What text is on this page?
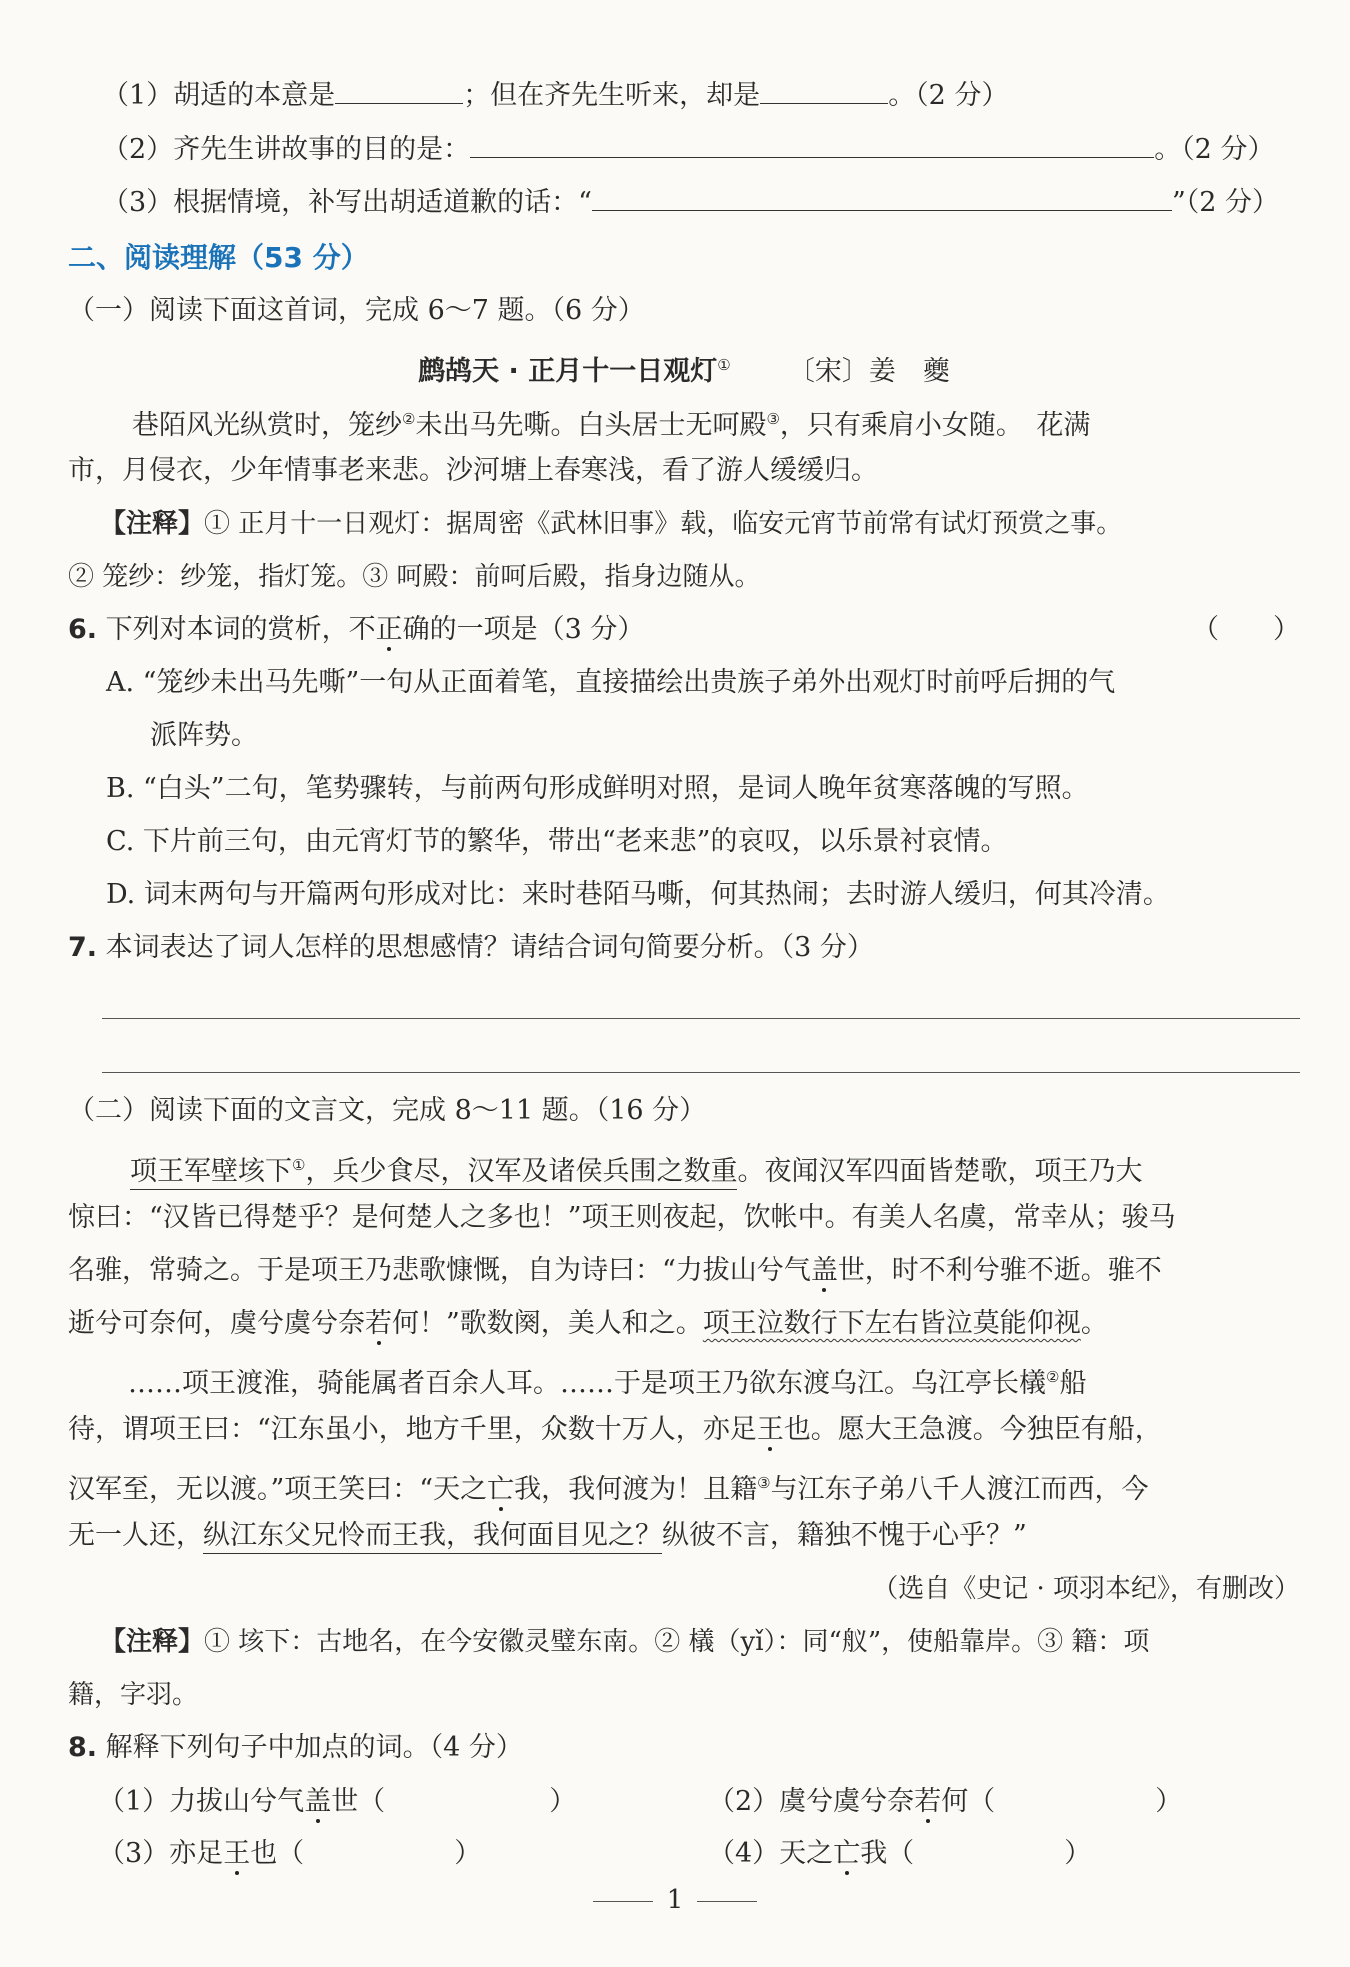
（1）胡适的本意是	；但在齐先生听来，却是	。（2 分）
（2）齐先生讲故事的目的是：	。（2 分）
（3）根据情境，补写出胡适道歉的话：“	”（2 分）
二、阅读理解（53 分）
（一）阅读下面这首词，完成 6～7 题。（6 分）
鹧鸪天 · 正月十一日观灯① 〔宋〕姜　夔
巷陌风光纵赏时，笼纱②未出马先嘶。白头居士无呵殿③，只有乘肩小女随。　花满
市，月侵衣，少年情事老来悲。沙河塘上春寒浅，看了游人缓缓归。
【注释】① 正月十一日观灯：据周密《武林旧事》载，临安元宵节前常有试灯预赏之事。
② 笼纱：纱笼，指灯笼。③ 呵殿：前呵后殿，指身边随从。
6. 下列对本词的赏析，不正确的一项是（3 分）	（　　）
A. “笼纱未出马先嘶”一句从正面着笔，直接描绘出贵族子弟外出观灯时前呼后拥的气
派阵势。
B. “白头”二句，笔势骤转，与前两句形成鲜明对照，是词人晚年贫寒落魄的写照。
C. 下片前三句，由元宵灯节的繁华，带出“老来悲”的哀叹，以乐景衬哀情。
D. 词末两句与开篇两句形成对比：来时巷陌马嘶，何其热闹；去时游人缓归，何其冷清。
7. 本词表达了词人怎样的思想感情？请结合词句简要分析。（3 分）
（二）阅读下面的文言文，完成 8～11 题。（16 分）
项王军壁垓下①，兵少食尽，汉军及诸侯兵围之数重。夜闻汉军四面皆楚歌，项王乃大
惊曰：“汉皆已得楚乎？是何楚人之多也！”项王则夜起，饮帐中。有美人名虞，常幸从；骏马
名骓，常骑之。于是项王乃悲歌慷慨，自为诗曰：“力拔山兮气盖世，时不利兮骓不逝。骓不
逝兮可奈何，虞兮虞兮奈若何！”歌数阕，美人和之。项王泣数行下左右皆泣莫能仰视。
……项王渡淮，骑能属者百余人耳。……于是项王乃欲东渡乌江。乌江亭长檥②船
待，谓项王曰：“江东虽小，地方千里，众数十万人，亦足王也。愿大王急渡。今独臣有船，
汉军至，无以渡。”项王笑曰：“天之亡我，我何渡为！且籍③与江东子弟八千人渡江而西，今
无一人还，纵江东父兄怜而王我，我何面目见之？纵彼不言，籍独不愧于心乎？”
（选自《史记 · 项羽本纪》，有删改）
【注释】① 垓下：古地名，在今安徽灵璧东南。② 檥（yǐ）：同“舣”，使船靠岸。③ 籍：项
籍，字羽。
8. 解释下列句子中加点的词。（4 分）
（1）力拔山兮气盖世（	）	（2）虞兮虞兮奈若何（	）
（3）亦足王也（	）	（4）天之亡我（	）
1
